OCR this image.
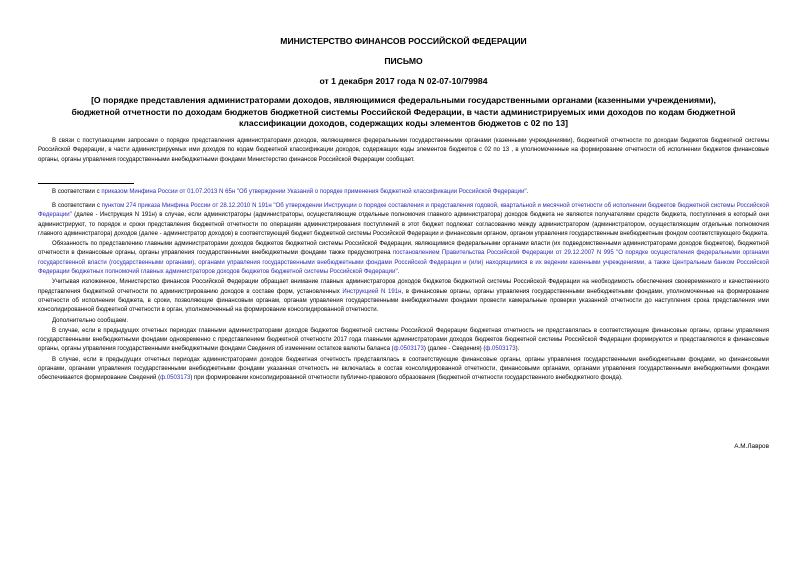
МИНИСТЕРСТВО ФИНАНСОВ РОССИЙСКОЙ ФЕДЕРАЦИИ
ПИСЬМО
от 1 декабря 2017 года N 02-07-10/79984
[О порядке представления администраторами доходов, являющимися федеральными государственными органами (казенными учреждениями), бюджетной отчетности по доходам бюджетов бюджетной системы Российской Федерации, в части администрируемых ими доходов по кодам бюджетной классификации доходов, содержащих коды элементов бюджетов с 02 по 13]

В связи с поступающими запросами о порядке представления администраторами доходов, являющимися федеральными государственными органами (казенными учреждениями), бюджетной отчетности по доходам бюджетов бюджетной системы Российской Федерации, в части администрируемых ими доходов по кодам бюджетной классификации доходов, содержащих коды элементов бюджетов с 02 по 13 , в уполномоченные на формирование отчетности об исполнении бюджетов финансовые органы, органы управления государственными внебюджетными фондами Министерство финансов Российской Федерации сообщает.

В соответствии с приказом Минфина России от 01.07.2013 N 65н "Об утверждении Указаний о порядке применения бюджетной классификации Российской Федерации".

В соответствии с пунктом 274 приказа Минфина России от 28.12.2010 N 191н "Об утверждении Инструкции о порядке составления и представления годовой, квартальной и месячной отчетности об исполнении бюджетов бюджетной системы Российской Федерации" (далее - Инструкция N 191н) в случае, если администраторы (администраторы, осуществляющие отдельные полномочия главного администратора) доходов бюджета не являются получателями средств бюджета, поступления в который они администрируют, то порядок и сроки представления бюджетной отчетности по операциям администрирования поступлений в этот бюджет подлежат согласованию между администратором (администратором, осуществляющим отдельные полномочия главного администратора) доходов (далее - администратор доходов) в соответствующий бюджет бюджетной системы Российской Федерации и финансовым органом, органом управления государственным внебюджетным фондом соответствующего бюджета.

Обязанность по представлению главными администраторами доходов бюджетов бюджетной системы Российской Федерации, являющимися федеральными органами власти (их подведомственными администраторами доходов бюджетов), бюджетной отчетности в финансовые органы, органы управления государственными внебюджетными фондами также предусмотрена постановлением Правительства Российской Федерации от 29.12.2007 N 995 "О порядке осуществления федеральными органами государственной власти (государственными органами), органами управления государственными внебюджетными фондами Российской Федерации и (или) находящимися в их ведении казенными учреждениями, а также Центральным банком Российской Федерации бюджетных полномочий главных администраторов доходов бюджетов бюджетной системы Российской Федерации".

Учитывая изложенное, Министерство финансов Российской Федерации обращает внимание главных администраторов доходов бюджетов бюджетной системы Российской Федерации на необходимость обеспечения своевременного и качественного представления бюджетной отчетности по администрированию доходов в составе форм, установленных Инструкцией N 191н, в финансовые органы, органы управления государственными внебюджетными фондами, уполномоченные на формирование отчетности об исполнении бюджета, в сроки, позволяющие финансовым органам, органам управления государственными внебюджетными фондами провести камеральные проверки указанной отчетности до наступления срока представления ими консолидированной бюджетной отчетности в орган, уполномоченный на формирование консолидированной отчетности.

Дополнительно сообщаем.

В случае, если в предыдущих отчетных периодах главными администраторами доходов бюджетов бюджетной системы Российской Федерации бюджетная отчетность не представлялась в соответствующие финансовые органы, органы управления государственными внебюджетными фондами одновременно с представлением бюджетной отчетности 2017 года главными администраторами доходов бюджетов бюджетной системы Российской Федерации формируются и представляются в финансовые органы, органы управления государственными внебюджетными фондами Сведения об изменении остатков валюты баланса (ф.0503173) (далее - Сведения) (ф.0503173).

В случае, если в предыдущих отчетных периодах администраторами доходов бюджетная отчетность представлялась в соответствующие финансовые органы, органы управления государственными внебюджетными фондами, но финансовыми органами, органами управления государственными внебюджетными фондами указанная отчетность не включалась в состав консолидированной отчетности, финансовыми органами, органами управления государственными внебюджетными фондами обеспечивается формирование Сведений (ф.0503173) при формировании консолидированной отчетности публично-правового образования (бюджетной отчетности государственного внебюджетного фонда).

А.М.Лавров
